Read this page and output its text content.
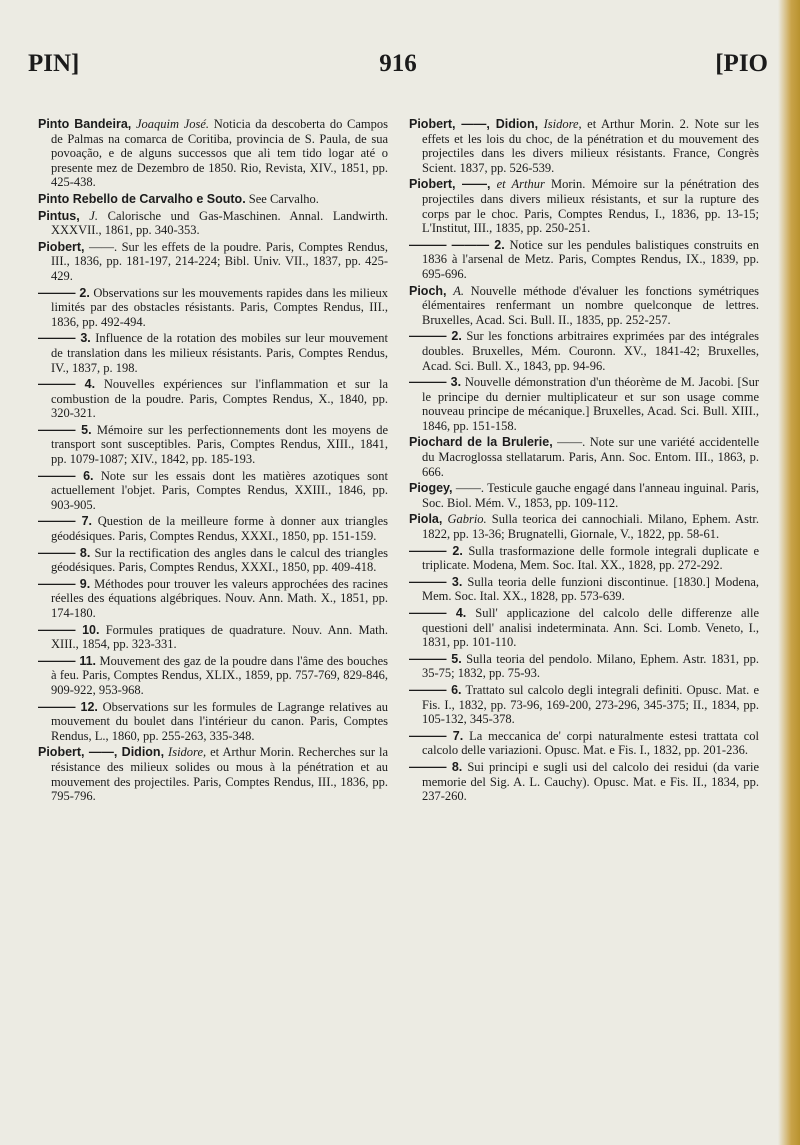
PIN]	916	[PIO

Pinto Bandeira, Joaquim José. Noticia da descoberta do Campos de Palmas na comarca de Coritiba, provincia de S. Paula, de sua povoação, e de alguns successos que ali tem tido logar até o presente mez de Dezembro de 1850. Rio, Revista, XIV., 1851, pp. 425-438.

Pinto Rebello de Carvalho e Souto. See Carvalho.

Pintus, J. Calorische und Gas-Maschinen. Annal. Landwirth. XXXVII., 1861, pp. 340-353.

Piobert, ——. Sur les effets de la poudre. Paris, Comptes Rendus, III., 1836, pp. 181-197, 214-224; Bibl. Univ. VII., 1837, pp. 425-429.

——— 2. Observations sur les mouvements rapides dans les milieux limités par des obstacles résistants. Paris, Comptes Rendus, III., 1836, pp. 492-494.

——— 3. Influence de la rotation des mobiles sur leur mouvement de translation dans les milieux résistants. Paris, Comptes Rendus, IV., 1837, p. 198.

——— 4. Nouvelles expériences sur l'inflammation et sur la combustion de la poudre. Paris, Comptes Rendus, X., 1840, pp. 320-321.

——— 5. Mémoire sur les perfectionnements dont les moyens de transport sont susceptibles. Paris, Comptes Rendus, XIII., 1841, pp. 1079-1087; XIV., 1842, pp. 185-193.

——— 6. Note sur les essais dont les matières azotiques sont actuellement l'objet. Paris, Comptes Rendus, XXIII., 1846, pp. 903-905.

——— 7. Question de la meilleure forme à donner aux triangles géodésiques. Paris, Comptes Rendus, XXXI., 1850, pp. 151-159.

——— 8. Sur la rectification des angles dans le calcul des triangles géodésiques. Paris, Comptes Rendus, XXXI., 1850, pp. 409-418.

——— 9. Méthodes pour trouver les valeurs approchées des racines réelles des équations algébriques. Nouv. Ann. Math. X., 1851, pp. 174-180.

——— 10. Formules pratiques de quadrature. Nouv. Ann. Math. XIII., 1854, pp. 323-331.

——— 11. Mouvement des gaz de la poudre dans l'âme des bouches à feu. Paris, Comptes Rendus, XLIX., 1859, pp. 757-769, 829-846, 909-922, 953-968.

——— 12. Observations sur les formules de Lagrange relatives au mouvement du boulet dans l'intérieur du canon. Paris, Comptes Rendus, L., 1860, pp. 255-263, 335-348.

Piobert, ——, Didion, Isidore, et Arthur Morin. Recherches sur la résistance des milieux solides ou mous à la pénétration et au mouvement des projectiles. Paris, Comptes Rendus, III., 1836, pp. 795-796.

Piobert, ——, Didion, Isidore, et Arthur Morin. 2. Note sur les effets et les lois du choc, de la pénétration et du mouvement des projectiles dans les divers milieux résistants. France, Congrès Scient. 1837, pp. 526-539.

Piobert, ——, et Arthur Morin. Mémoire sur la pénétration des projectiles dans divers milieux résistants, et sur la rupture des corps par le choc. Paris, Comptes Rendus, I., 1836, pp. 13-15; L'Institut, III., 1835, pp. 250-251.

——— ——— 2. Notice sur les pendules balistiques construits en 1836 à l'arsenal de Metz. Paris, Comptes Rendus, IX., 1839, pp. 695-696.

Pioch, A. Nouvelle méthode d'évaluer les fonctions symétriques élémentaires renfermant un nombre quelconque de lettres. Bruxelles, Acad. Sci. Bull. II., 1835, pp. 252-257.

——— 2. Sur les fonctions arbitraires exprimées par des intégrales doubles. Bruxelles, Mém. Couronn. XV., 1841-42; Bruxelles, Acad. Sci. Bull. X., 1843, pp. 94-96.

——— 3. Nouvelle démonstration d'un théorème de M. Jacobi. [Sur le principe du dernier multiplicateur et sur son usage comme nouveau principe de mécanique.] Bruxelles, Acad. Sci. Bull. XIII., 1846, pp. 151-158.

Piochard de la Brulerie, ——. Note sur une variété accidentelle du Macroglossa stellatarum. Paris, Ann. Soc. Entom. III., 1863, p. 666.

Piogey, ——. Testicule gauche engagé dans l'anneau inguinal. Paris, Soc. Biol. Mém. V., 1853, pp. 109-112.

Piola, Gabrio. Sulla teorica dei cannochiali. Milano, Ephem. Astr. 1822, pp. 13-36; Brugnatelli, Giornale, V., 1822, pp. 58-61.

——— 2. Sulla trasformazione delle formole integrali duplicate e triplicate. Modena, Mem. Soc. Ital. XX., 1828, pp. 272-292.

——— 3. Sulla teoria delle funzioni discontinue. [1830.] Modena, Mem. Soc. Ital. XX., 1828, pp. 573-639.

——— 4. Sull' applicazione del calcolo delle differenze alle questioni dell' analisi indeterminata. Ann. Sci. Lomb. Veneto, I., 1831, pp. 101-110.

——— 5. Sulla teoria del pendolo. Milano, Ephem. Astr. 1831, pp. 35-75; 1832, pp. 75-93.

——— 6. Trattato sul calcolo degli integrali definiti. Opusc. Mat. e Fis. I., 1832, pp. 73-96, 169-200, 273-296, 345-375; II., 1834, pp. 105-132, 345-378.

——— 7. La meccanica de' corpi naturalmente estesi trattata col calcolo delle variazioni. Opusc. Mat. e Fis. I., 1832, pp. 201-236.

——— 8. Sui principi e sugli usi del calcolo dei residui (da varie memorie del Sig. A. L. Cauchy). Opusc. Mat. e Fis. II., 1834, pp. 237-260.
